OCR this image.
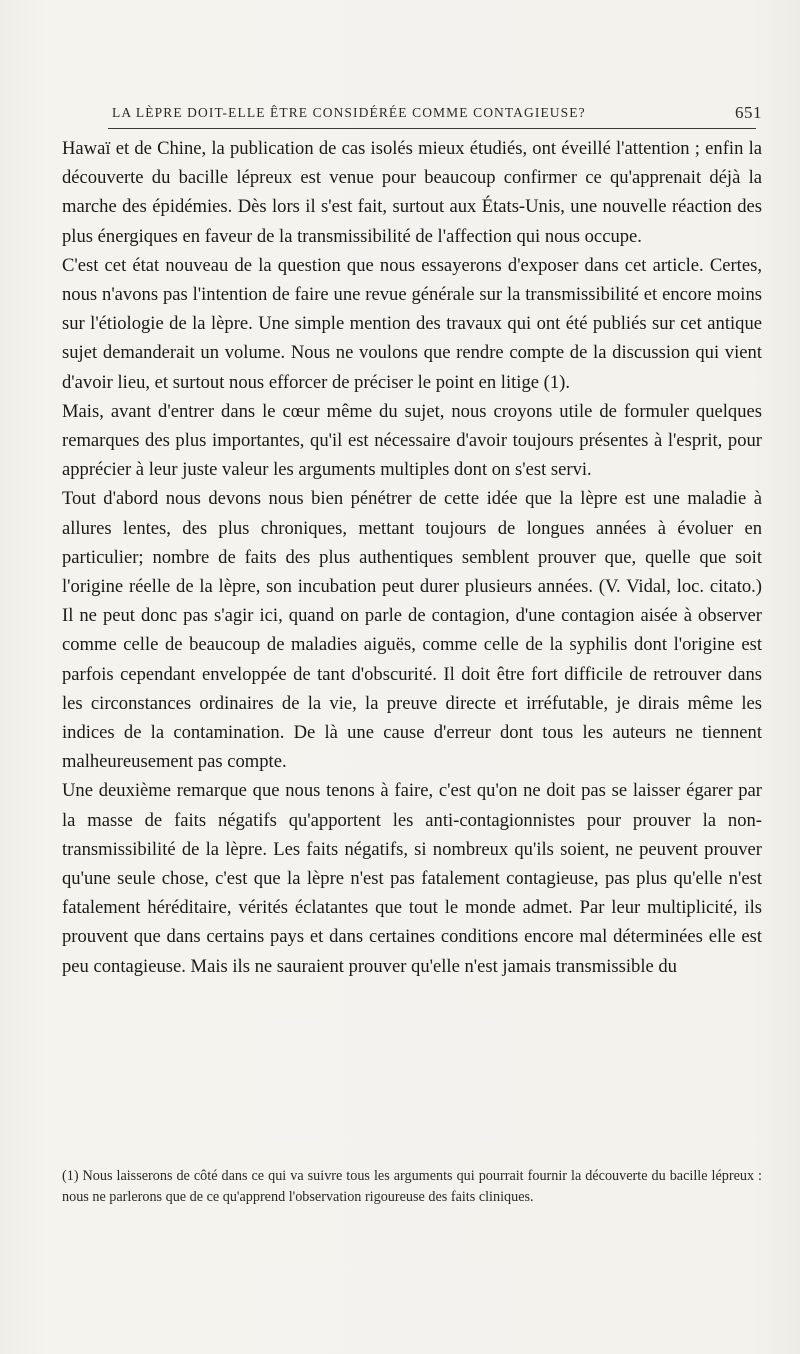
LA LÈPRE DOIT-ELLE ÊTRE CONSIDÉRÉE COMME CONTAGIEUSE?	651

Hawaï et de Chine, la publication de cas isolés mieux étudiés, ont éveillé l'attention ; enfin la découverte du bacille lépreux est venue pour beaucoup confirmer ce qu'apprenait déjà la marche des épidémies. Dès lors il s'est fait, surtout aux États-Unis, une nouvelle réaction des plus énergiques en faveur de la transmissibilité de l'affection qui nous occupe.

C'est cet état nouveau de la question que nous essayerons d'exposer dans cet article. Certes, nous n'avons pas l'intention de faire une revue générale sur la transmissibilité et encore moins sur l'étiologie de la lèpre. Une simple mention des travaux qui ont été publiés sur cet antique sujet demanderait un volume. Nous ne voulons que rendre compte de la discussion qui vient d'avoir lieu, et surtout nous efforcer de préciser le point en litige (1).

Mais, avant d'entrer dans le cœur même du sujet, nous croyons utile de formuler quelques remarques des plus importantes, qu'il est nécessaire d'avoir toujours présentes à l'esprit, pour apprécier à leur juste valeur les arguments multiples dont on s'est servi.

Tout d'abord nous devons nous bien pénétrer de cette idée que la lèpre est une maladie à allures lentes, des plus chroniques, mettant toujours de longues années à évoluer en particulier; nombre de faits des plus authentiques semblent prouver que, quelle que soit l'origine réelle de la lèpre, son incubation peut durer plusieurs années. (V. Vidal, loc. citato.) Il ne peut donc pas s'agir ici, quand on parle de contagion, d'une contagion aisée à observer comme celle de beaucoup de maladies aiguës, comme celle de la syphilis dont l'origine est parfois cependant enveloppée de tant d'obscurité. Il doit être fort difficile de retrouver dans les circonstances ordinaires de la vie, la preuve directe et irréfutable, je dirais même les indices de la contamination. De là une cause d'erreur dont tous les auteurs ne tiennent malheureusement pas compte.

Une deuxième remarque que nous tenons à faire, c'est qu'on ne doit pas se laisser égarer par la masse de faits négatifs qu'apportent les anti-contagionnistes pour prouver la non-transmissibilité de la lèpre. Les faits négatifs, si nombreux qu'ils soient, ne peuvent prouver qu'une seule chose, c'est que la lèpre n'est pas fatalement contagieuse, pas plus qu'elle n'est fatalement héréditaire, vérités éclatantes que tout le monde admet. Par leur multiplicité, ils prouvent que dans certains pays et dans certaines conditions encore mal déterminées elle est peu contagieuse. Mais ils ne sauraient prouver qu'elle n'est jamais transmissible du

(1) Nous laisserons de côté dans ce qui va suivre tous les arguments qui pourrait fournir la découverte du bacille lépreux : nous ne parlerons que de ce qu'apprend l'observation rigoureuse des faits cliniques.
